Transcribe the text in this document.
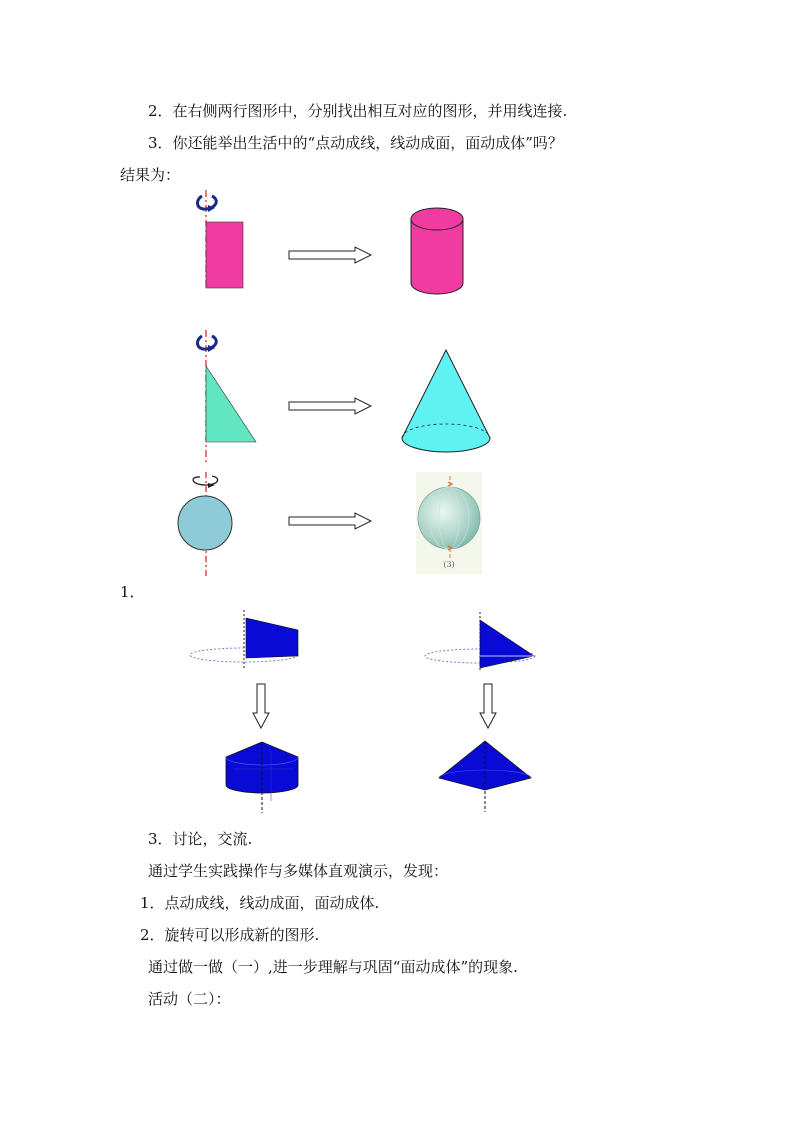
2．在右侧两行图形中，分别找出相互对应的图形，并用线连接.
3．你还能举出生活中的“点动成线，线动成面，面动成体”吗？
结果为：
(3)
1．
3．讨论，交流.
通过学生实践操作与多媒体直观演示，发现：
1．点动成线，线动成面，面动成体.
2．旋转可以形成新的图形.
通过做一做（一）,进一步理解与巩固“面动成体”的现象.
活动（二）：
